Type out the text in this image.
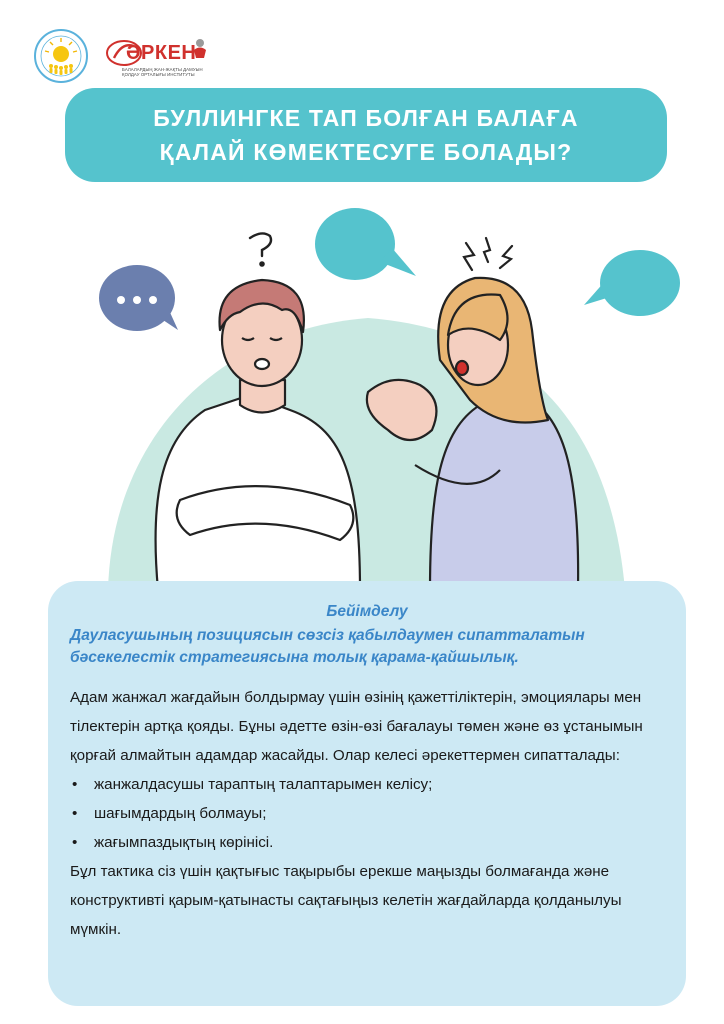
ӘРКЕН
БАЛАЛАРДЫҢ ЖАН-ЖАҚТЫ ДАМУЫН ҚОЛДАУ ОРТАЛЫҒЫ ИНСТИТУТЫ
БУЛЛИНГКЕ ТАП БОЛҒАН БАЛАҒА
ҚАЛАЙ КӨМЕКТЕСУГЕ БОЛАДЫ?
Бейімделу
Дауласушының позициясын сөзсіз қабылдаумен сипатталатын бәсекелестік стратегиясына толық қарама-қайшылық.

Адам жанжал жағдайын болдырмау үшін өзінің қажеттіліктерін, эмоциялары мен тілектерін артқа қояды. Бұны әдетте өзін-өзі бағалауы төмен және өз ұстанымын қорғай алмайтын адамдар жасайды. Олар келесі әрекеттермен сипатталады:

• жанжалдасушы тараптың талаптарымен келісу;
• шағымдардың болмауы;
• жағымпаздықтың көрінісі.

Бұл тактика сіз үшін қақтығыс тақырыбы ерекше маңызды болмағанда және конструктивті қарым-қатынасты сақтағыңыз келетін жағдайларда қолданылуы мүмкін.
